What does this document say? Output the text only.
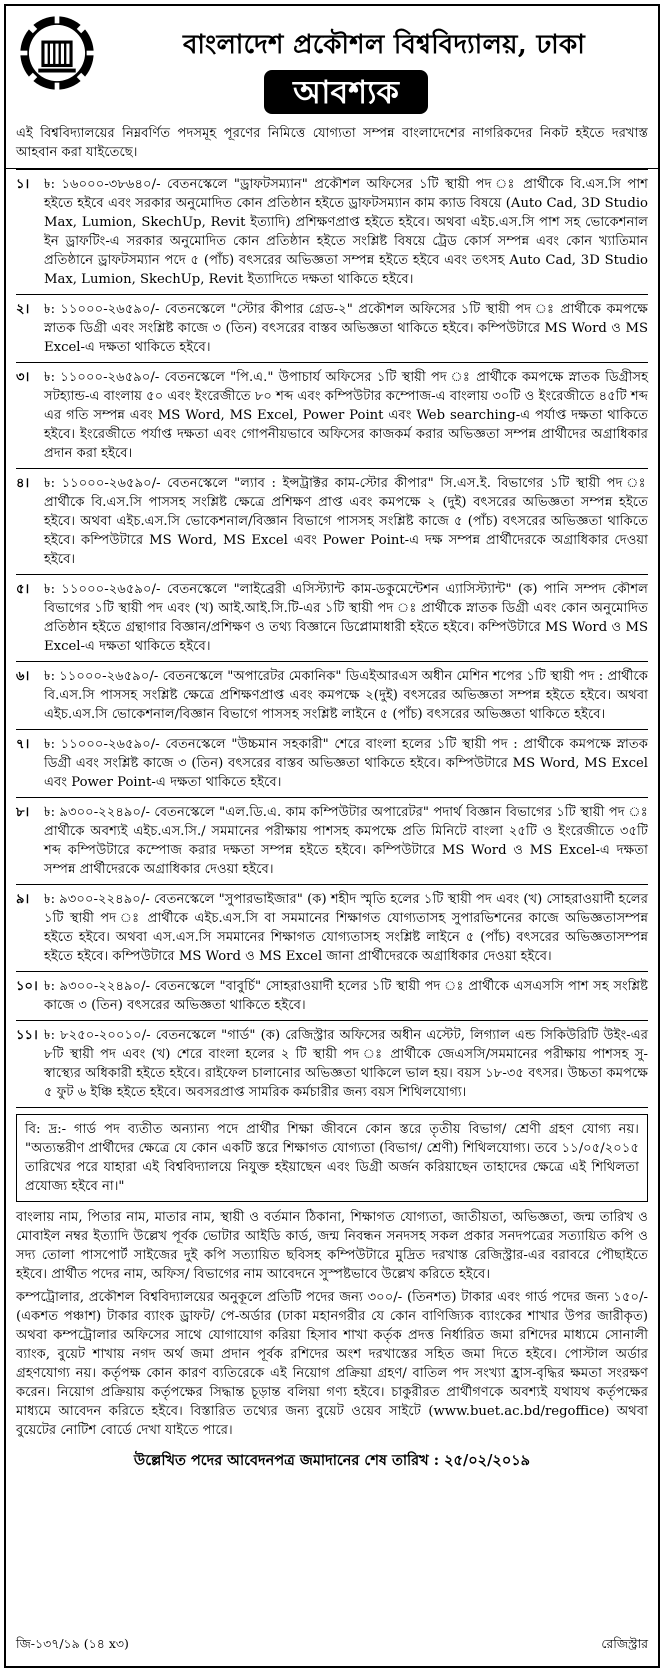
বাংলাদেশ প্রকৌশল বিশ্ববিদ্যালয়, ঢাকা
আবশ্যক
এই বিশ্ববিদ্যালয়ের নিম্নবর্ণিত পদসমূহ পূরণের নিমিত্তে যোগ্যতা সম্পন্ন বাংলাদেশের নাগরিকদের নিকট হইতে দরখাস্ত আহবান করা যাইতেছে।
১।	৳: ১৬০০০-৩৮৬৪০/- বেতনস্কেলে "ড্রাফটসম্যান" প্রকৌশল অফিসের ১টি স্থায়ী পদ ঃ প্রার্থীকে বি.এস.সি পাশ হইতে হইবে এবং সরকার অনুমোদিত কোন প্রতিষ্ঠান হইতে ড্রাফটসম্যান কাম ক্যাড বিষয়ে (Auto Cad, 3D Studio Max, Lumion, SkechUp, Revit ইত্যাদি) প্রশিক্ষণপ্রাপ্ত হইতে হইবে। অথবা এইচ.এস.সি পাশ সহ ভোকেশনাল ইন ড্রাফটিং-এ সরকার অনুমোদিত কোন প্রতিষ্ঠান হইতে সংশ্লিষ্ট বিষয়ে ট্রেড কোর্স সম্পন্ন এবং কোন খ্যাতিমান প্রতিষ্ঠানে ড্রাফটসম্যান পদে ৫ (পাঁচ) বৎসরের অভিজ্ঞতা সম্পন্ন হইতে হইবে এবং তৎসহ Auto Cad, 3D Studio Max, Lumion, SkechUp, Revit ইত্যাদিতে দক্ষতা থাকিতে হইবে।
২।	৳: ১১০০০-২৬৫৯০/- বেতনস্কেলে "স্টোর কীপার গ্রেড-২" প্রকৌশল অফিসের ১টি স্থায়ী পদ ঃ প্রার্থীকে কমপক্ষে স্নাতক ডিগ্রী এবং সংশ্লিষ্ট কাজে ৩ (তিন) বৎসরের বাস্তব অভিজ্ঞতা থাকিতে হইবে। কম্পিউটারে MS Word ও MS Excel-এ দক্ষতা থাকিতে হইবে।
৩।	৳: ১১০০০-২৬৫৯০/- বেতনস্কেলে "পি.এ." উপাচার্য অফিসের ১টি স্থায়ী পদ ঃ প্রার্থীকে কমপক্ষে স্নাতক ডিগ্রীসহ সটহ্যান্ড-এ বাংলায় ৫০ এবং ইংরেজীতে ৮০ শব্দ এবং কম্পিউটার কম্পোজ-এ বাংলায় ৩০টি ও ইংরেজীতে ৪৫টি শব্দ এর গতি সম্পন্ন এবং MS Word, MS Excel, Power Point এবং Web searching-এ পর্যাপ্ত দক্ষতা থাকিতে হইবে। ইংরেজীতে পর্যাপ্ত দক্ষতা এবং গোপনীয়ভাবে অফিসের কাজকর্ম করার অভিজ্ঞতা সম্পন্ন প্রার্থীদের অগ্রাধিকার প্রদান করা হইবে।
৪।	৳: ১১০০০-২৬৫৯০/- বেতনস্কেলে "ল্যাব : ইন্সট্রাক্টর কাম-স্টোর কীপার" সি.এস.ই. বিভাগের ১টি স্থায়ী পদ ঃ প্রার্থীকে বি.এস.সি পাসসহ সংশ্লিষ্ট ক্ষেত্রে প্রশিক্ষণ প্রাপ্ত এবং কমপক্ষে ২ (দুই) বৎসরের অভিজ্ঞতা সম্পন্ন হইতে হইবে। অথবা এইচ.এস.সি ভোকেশনাল/বিজ্ঞান বিভাগে পাসসহ সংশ্লিষ্ট কাজে ৫ (পাঁচ) বৎসরের অভিজ্ঞতা থাকিতে হইবে। কম্পিউটারে MS Word, MS Excel এবং Power Point-এ দক্ষ সম্পন্ন প্রার্থীদেরকে অগ্রাধিকার দেওয়া হইবে।
৫।	৳: ১১০০০-২৬৫৯০/- বেতনস্কেলে "লাইব্রেরী এসিস্ট্যান্ট কাম-ডকুমেন্টেশন এ্যাসিস্ট্যান্ট" (ক) পানি সম্পদ কৌশল বিভাগের ১টি স্থায়ী পদ এবং (খ) আই.আই.সি.টি-এর ১টি স্থায়ী পদ ঃ প্রার্থীকে স্নাতক ডিগ্রী এবং কোন অনুমোদিত প্রতিষ্ঠান হইতে গ্রন্থাগার বিজ্ঞান/প্রশিক্ষণ ও তথ্য বিজ্ঞানে ডিপ্লোমাধারী হইতে হইবে। কম্পিউটারে MS Word ও MS Excel-এ দক্ষতা থাকিতে হইবে।
৬।	৳: ১১০০০-২৬৫৯০/- বেতনস্কেলে "অপারেটর মেকানিক" ডিএইআরএস অধীন মেশিন শপের ১টি স্থায়ী পদ : প্রার্থীকে বি.এস.সি পাসসহ সংশ্লিষ্ট ক্ষেত্রে প্রশিক্ষণপ্রাপ্ত এবং কমপক্ষে ২(দুই) বৎসরের অভিজ্ঞতা সম্পন্ন হইতে হইবে। অথবা এইচ.এস.সি ভোকেশনাল/বিজ্ঞান বিভাগে পাসসহ সংশ্লিষ্ট লাইনে ৫ (পাঁচ) বৎসরের অভিজ্ঞতা থাকিতে হইবে।
৭।	৳: ১১০০০-২৬৫৯০/- বেতনস্কেলে "উচ্চমান সহকারী" শেরে বাংলা হলের ১টি স্থায়ী পদ : প্রার্থীকে কমপক্ষে স্নাতক ডিগ্রী এবং সংশ্লিষ্ট কাজে ৩ (তিন) বৎসরের বাস্তব অভিজ্ঞতা থাকিতে হইবে। কম্পিউটারে MS Word, MS Excel এবং Power Point-এ দক্ষতা থাকিতে হইবে।
৮।	৳: ৯৩০০-২২৪৯০/- বেতনস্কেলে "এল.ডি.এ. কাম কম্পিউটার অপারেটর" পদার্থ বিজ্ঞান বিভাগের ১টি স্থায়ী পদ ঃ প্রার্থীকে অবশ্যই এইচ.এস.সি./ সমমানের পরীক্ষায় পাশসহ কমপক্ষে প্রতি মিনিটে বাংলা ২৫টি ও ইংরেজীতে ৩৫টি শব্দ কম্পিউটারে কম্পোজ করার দক্ষতা সম্পন্ন হইতে হইবে। কম্পিউটারে MS Word ও MS Excel-এ দক্ষতা সম্পন্ন প্রার্থীদেরকে অগ্রাধিকার দেওয়া হইবে।
৯।	৳: ৯৩০০-২২৪৯০/- বেতনস্কেলে "সুপারভাইজার" (ক) শহীদ স্মৃতি হলের ১টি স্থায়ী পদ এবং (খ) সোহরাওয়ার্দী হলের ১টি স্থায়ী পদ ঃ প্রার্থীকে এইচ.এস.সি বা সমমানের শিক্ষাগত যোগ্যতাসহ সুপারভিশনের কাজে অভিজ্ঞতাসম্পন্ন হইতে হইবে। অথবা এস.এস.সি সমমানের শিক্ষাগত যোগ্যতাসহ সংশ্লিষ্ট লাইনে ৫ (পাঁচ) বৎসরের অভিজ্ঞতাসম্পন্ন হইতে হইবে। কম্পিউটারে MS Word ও MS Excel জানা প্রার্থীদেরকে অগ্রাধিকার দেওয়া হইবে।
১০। ৳: ৯৩০০-২২৪৯০/- বেতনস্কেলে "বাবুর্চি" সোহরাওয়ার্দী হলের ১টি স্থায়ী পদ ঃ প্রার্থীকে এসএসসি পাশ সহ সংশ্লিষ্ট কাজে ৩ (তিন) বৎসরের অভিজ্ঞতা থাকিতে হইবে।
১১। ৳: ৮২৫০-২০০১০/- বেতনস্কেলে "গার্ড" (ক) রেজিস্ট্রার অফিসের অধীন এস্টেট, লিগ্যাল এন্ড সিকিউরিটি উইং-এর ৮টি স্থায়ী পদ এবং (খ) শেরে বাংলা হলের ২ টি স্থায়ী পদ ঃ প্রার্থীকে জেএসসি/সমমানের পরীক্ষায় পাশসহ সু-স্বাস্থ্যের অধিকারী হইতে হইবে। রাইফেল চালানোর অভিজ্ঞতা থাকিলে ভাল হয়। বয়স ১৮-৩৫ বৎসর। উচ্চতা কমপক্ষে ৫ ফুট ৬ ইঞ্চি হইতে হইবে। অবসরপ্রাপ্ত সামরিক কর্মচারীর জন্য বয়স শিথিলযোগ্য।
বি: দ্র:- গার্ড পদ ব্যতীত অন্যান্য পদে প্রার্থীর শিক্ষা জীবনে কোন স্তরে তৃতীয় বিভাগ/ শ্রেণী গ্রহণ যোগ্য নয়। "অত্যন্তরীণ প্রার্থীদের ক্ষেত্রে যে কোন একটি স্তরে শিক্ষাগত যোগ্যতা (বিভাগ/ শ্রেণী) শিথিলযোগ্য। তবে ১১/০৫/২০১৫ তারিখের পরে যাহারা এই বিশ্ববিদ্যালয়ে নিযুক্ত হইয়াছেন এবং ডিগ্রী অর্জন করিয়াছেন তাহাদের ক্ষেত্রে এই শিথিলতা প্রযোজ্য হইবে না।"
বাংলায় নাম, পিতার নাম, মাতার নাম, স্থায়ী ও বর্তমান ঠিকানা, শিক্ষাগত যোগ্যতা, জাতীয়তা, অভিজ্ঞতা, জন্ম তারিখ ও মোবাইল নম্বর ইত্যাদি উল্লেখ পূর্বক ভোটার আইডি কার্ড, জন্ম নিবন্ধন সনদসহ সকল প্রকার সনদপত্রের সত্যায়িত কপি ও সদ্য তোলা পাসপোর্ট সাইজের দুই কপি সত্যায়িত ছবিসহ কম্পিউটারে মুদ্রিত দরখাস্ত রেজিস্ট্রার-এর বরাবরে পৌছাইতে হইবে। প্রার্থীত পদের নাম, অফিস/ বিভাগের নাম আবেদনে সুস্পষ্টভাবে উল্লেখ করিতে হইবে।
কম্পট্রোলার, প্রকৌশল বিশ্ববিদ্যালয়ের অনুকূলে প্রতিটি পদের জন্য ৩০০/- (তিনশত) টাকার এবং গার্ড পদের জন্য ১৫০/-(একশত পঞ্চাশ) টাকার ব্যাংক ড্রাফট/ পে-অর্ডার (ঢাকা মহানগরীর যে কোন বাণিজ্যিক ব্যাংকের শাখার উপর জারীকৃত) অথবা কম্পট্রোলার অফিসের সাথে যোগাযোগ করিয়া হিসাব শাখা কর্তৃক প্রদত্ত নির্ধারিত জমা রশিদের মাধ্যমে সোনালী ব্যাংক, বুয়েট শাখায় নগদ অর্থ জমা প্রদান পূর্বক রশিদের অংশ দরখাস্তের সহিত জমা দিতে হইবে। পোস্টাল অর্ডার গ্রহণযোগ্য নয়। কর্তৃপক্ষ কোন কারণ ব্যতিরেকে এই নিয়োগ প্রক্রিয়া গ্রহণ/ বাতিল পদ সংখ্যা হ্রাস-বৃদ্ধির ক্ষমতা সংরক্ষণ করেন। নিয়োগ প্রক্রিয়ায় কর্তৃপক্ষের সিদ্ধান্ত চূড়ান্ত বলিয়া গণ্য হইবে। চাকুরীরত প্রার্থীগণকে অবশ্যই যথাযথ কর্তৃপক্ষের মাধ্যমে আবেদন করিতে হইবে। বিস্তারিত তথ্যের জন্য বুয়েট ওয়েব সাইটে (www.buet.ac.bd/regoffice) অথবা বুয়েটের নোটিশ বোর্ডে দেখা যাইতে পারে।
উল্লেখিত পদের আবেদনপত্র জমাদানের শেষ তারিখ : ২৫/০২/২০১৯
জি-১৩৭/১৯ (১৪ x৩)	রেজিস্ট্রার
